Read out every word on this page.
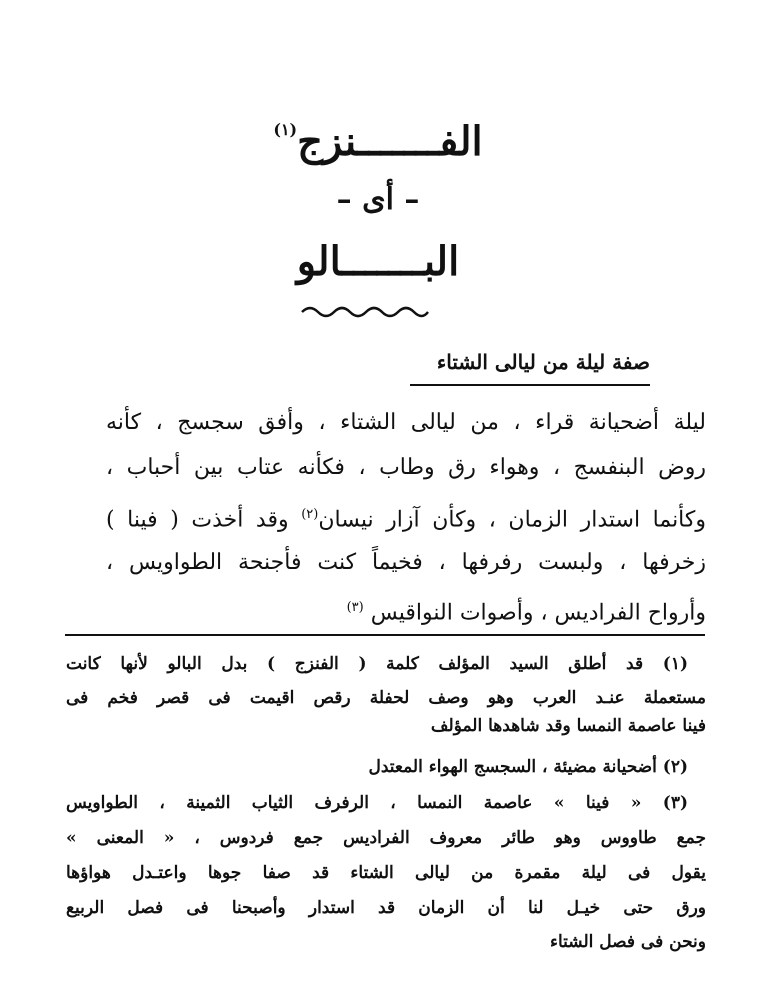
الفـــــــنزج$^{(١)}$
– أى –
البـــــــالو
صفة ليلة من ليالى الشتاء
ليلة أضحيانة قراء ، من ليالى الشتاء ، وأفق سجسج ، كأنه
روض البنفسج ، وهواء رق وطاب ، فكأنه عتاب بين أحباب ،
وكأنما استدار الزمان ، وكأن آزار نيسان$^{(٢)}$ وقد أخذت ( فينا )
زخرفها ، ولبست رفرفها ، فخيماً كنت فأجنحة الطواويس ،
وأرواح الفراديس ، وأصوات النواقيس $^{(٣)}$
(١) قد أطلق السيد المؤلف كلمة ( الفنزج ) بدل البالو لأنها كانت
مستعملة عنـد العرب وهو وصف لحفلة رقص اقيمت فى قصر فخم فى
فينا عاصمة النمسا وقد شاهدها المؤلف
(٢) أضحيانة مضيئة ، السجسج الهواء المعتدل
(٣) « فينا » عاصمة النمسا ، الرفرف الثياب الثمينة ، الطواويس
جمع طاووس وهو طائر معروف الفراديس جمع فردوس ، « المعنى »
يقول فى ليلة مقمرة من ليالى الشتاء قد صفا جوها واعتـدل هواؤها
ورق حتى خيـل لنا أن الزمان قد استدار وأصبحنا فى فصل الربيع
ونحن فى فصل الشتاء
